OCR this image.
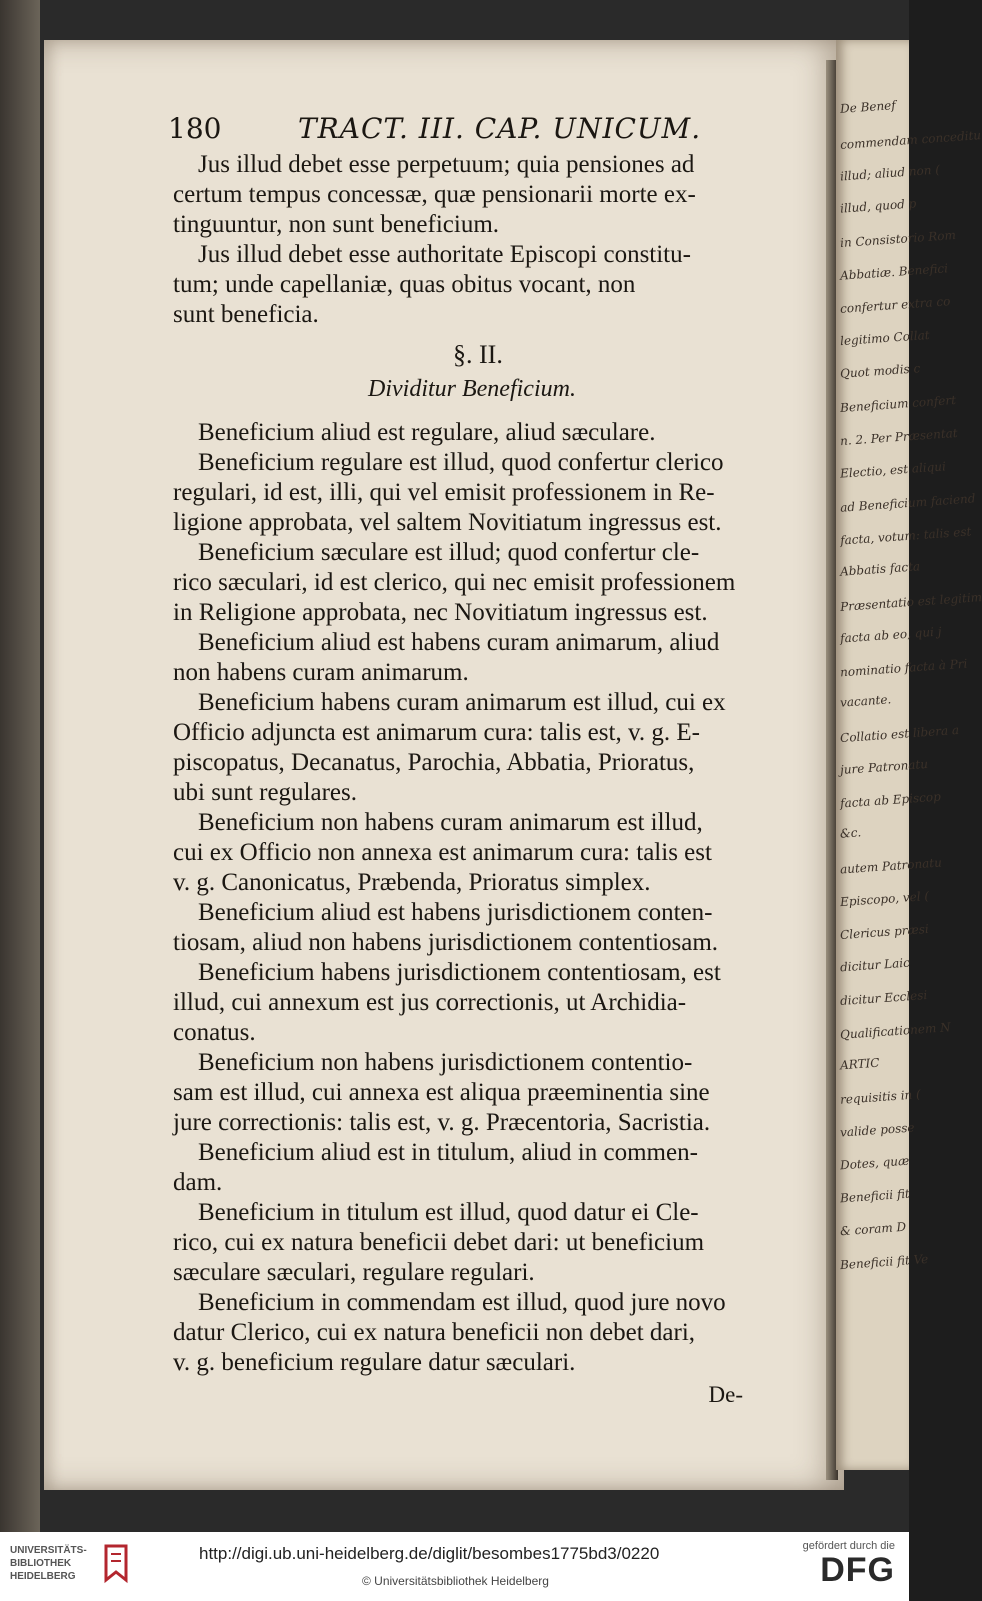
De Benef
commendam conceditu
illud; aliud non (
illud, quod p
in Consistorio Rom
Abbatiæ. Benefici
confertur extra co
legitimo Collat
Quot modis c
Beneficium confert
n. 2. Per Præsentat
Electio, est aliqui
ad Beneficium faciend
facta, votum: talis est
Abbatis facta
Præsentatio est legitim
facta ab eo, qui j
nominatio facta à Pri
vacante.
Collatio est libera a
jure Patronatu
facta ab Episcop
&c.
autem Patronatu
Episcopo, vel (
Clericus præsi
dicitur Laic
dicitur Ecclesi
Qualificationem N
ARTIC
requisitis in (
valide posse
Dotes, quæ
Beneficii fit
& coram D
Beneficii fit Ve
180	TRACT. III. CAP. UNICUM.
Jus illud debet esse perpetuum; quia pensiones ad
certum tempus concessæ, quæ pensionarii morte ex-
tinguuntur, non sunt beneficium.
Jus illud debet esse authoritate Episcopi constitu-
tum; unde capellaniæ, quas obitus vocant, non
sunt beneficia.
§. II.
Dividitur Beneficium.
Beneficium aliud est regulare, aliud sæculare.
Beneficium regulare est illud, quod confertur clerico
regulari, id est, illi, qui vel emisit professionem in Re-
ligione approbata, vel saltem Novitiatum ingressus est.
Beneficium sæculare est illud; quod confertur cle-
rico sæculari, id est clerico, qui nec emisit professionem
in Religione approbata, nec Novitiatum ingressus est.
Beneficium aliud est habens curam animarum, aliud
non habens curam animarum.
Beneficium habens curam animarum est illud, cui ex
Officio adjuncta est animarum cura: talis est, v. g. E-
piscopatus, Decanatus, Parochia, Abbatia, Prioratus,
ubi sunt regulares.
Beneficium non habens curam animarum est illud,
cui ex Officio non annexa est animarum cura: talis est
v. g. Canonicatus, Præbenda, Prioratus simplex.
Beneficium aliud est habens jurisdictionem conten-
tiosam, aliud non habens jurisdictionem contentiosam.
Beneficium habens jurisdictionem contentiosam, est
illud, cui annexum est jus correctionis, ut Archidia-
conatus.
Beneficium non habens jurisdictionem contentio-
sam est illud, cui annexa est aliqua præeminentia sine
jure correctionis: talis est, v. g. Præcentoria, Sacristia.
Beneficium aliud est in titulum, aliud in commen-
dam.
Beneficium in titulum est illud, quod datur ei Cle-
rico, cui ex natura beneficii debet dari: ut beneficium
sæculare sæculari, regulare regulari.
Beneficium in commendam est illud, quod jure novo
datur Clerico, cui ex natura beneficii non debet dari,
v. g. beneficium regulare datur sæculari.
De-
UNIVERSITÄTS- BIBLIOTHEK HEIDELBERG
http://digi.ub.uni-heidelberg.de/diglit/besombes1775bd3/0220
© Universitätsbibliothek Heidelberg
gefördert durch die
DFG
